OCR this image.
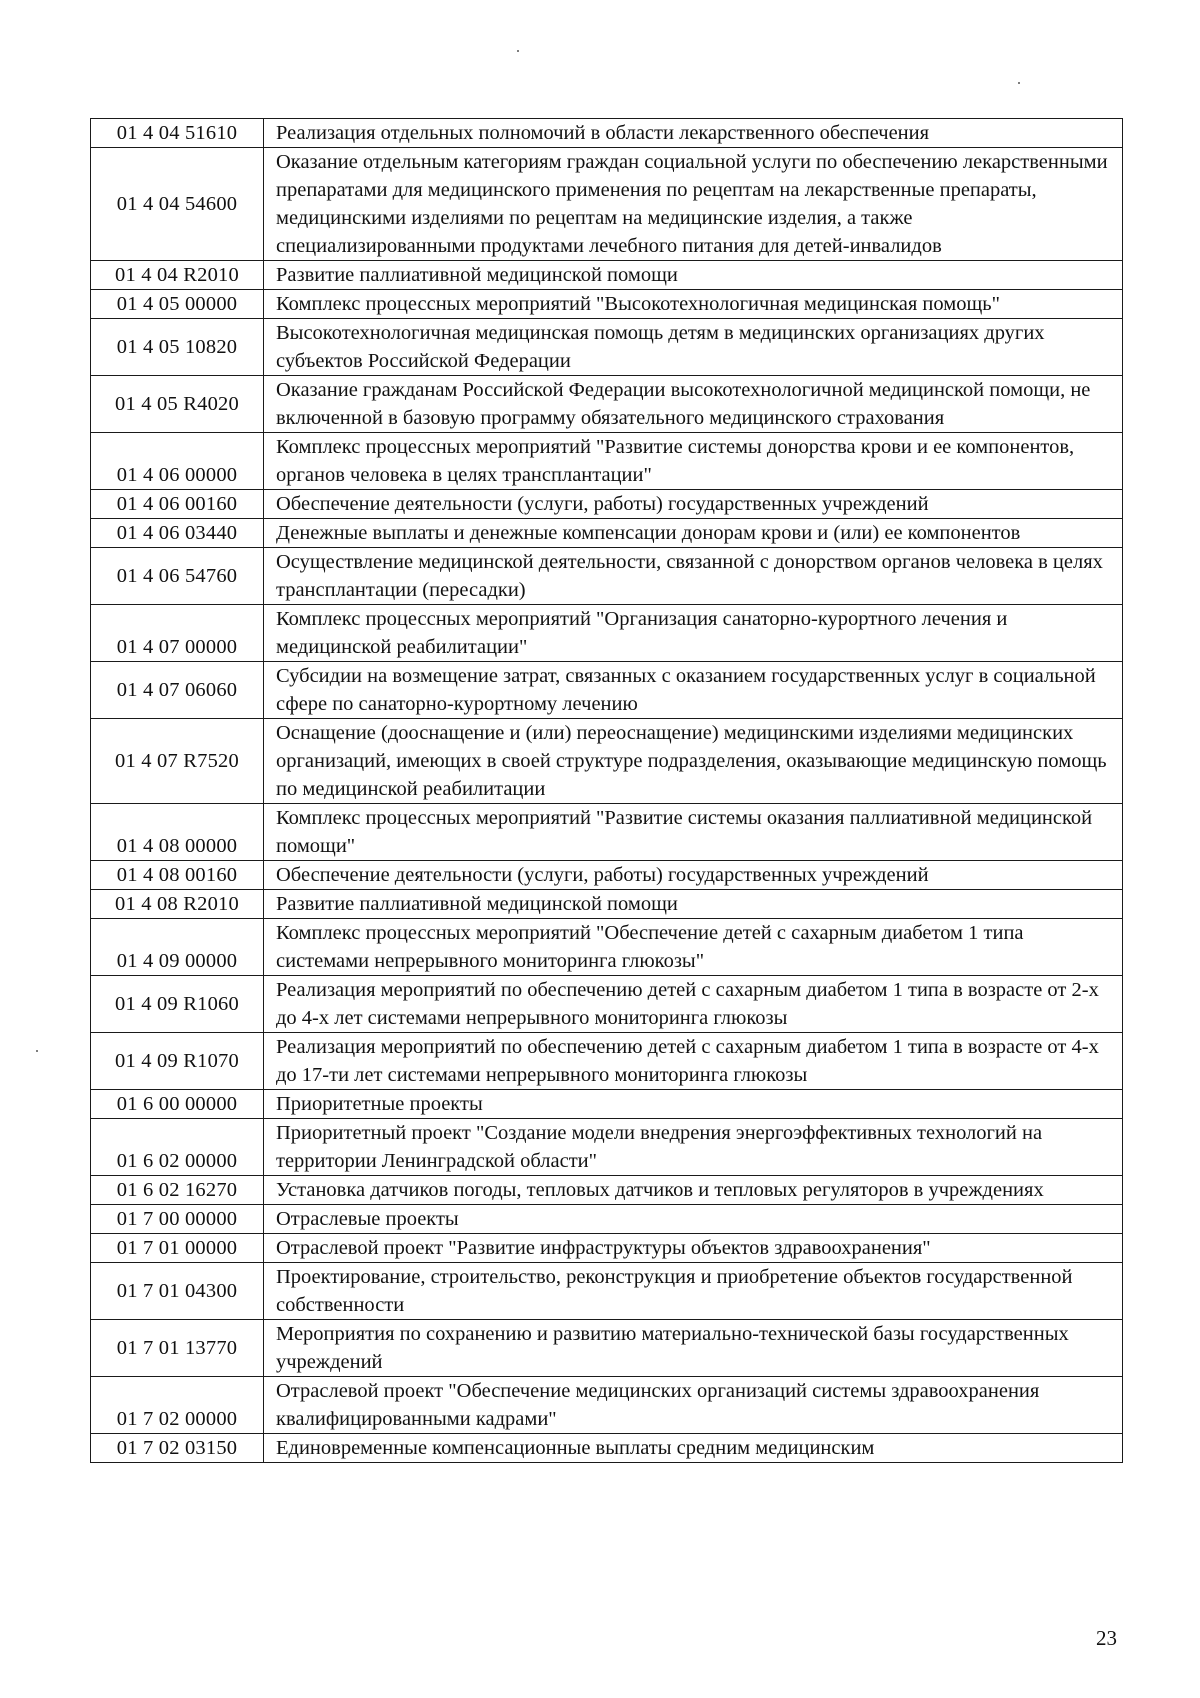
01 4 04 51610	Реализация отдельных полномочий в области лекарственного обеспечения
01 4 04 54600	Оказание отдельным категориям граждан социальной услуги по обеспечению лекарственными препаратами для медицинского применения по рецептам на лекарственные препараты, медицинскими изделиями по рецептам на медицинские изделия, а также специализированными продуктами лечебного питания для детей-инвалидов
01 4 04 R2010	Развитие паллиативной медицинской помощи
01 4 05 00000	Комплекс процессных мероприятий "Высокотехнологичная медицинская помощь"
01 4 05 10820	Высокотехнологичная медицинская помощь детям в медицинских организациях других субъектов Российской Федерации
01 4 05 R4020	Оказание гражданам Российской Федерации высокотехнологичной медицинской помощи, не включенной в базовую программу обязательного медицинского страхования
01 4 06 00000	Комплекс процессных мероприятий "Развитие системы донорства крови и ее компонентов, органов человека в целях трансплантации"
01 4 06 00160	Обеспечение деятельности (услуги, работы) государственных учреждений
01 4 06 03440	Денежные выплаты и денежные компенсации донорам крови и (или) ее компонентов
01 4 06 54760	Осуществление медицинской деятельности, связанной с донорством органов человека в целях трансплантации (пересадки)
01 4 07 00000	Комплекс процессных мероприятий "Организация санаторно-курортного лечения и медицинской реабилитации"
01 4 07 06060	Субсидии на возмещение затрат, связанных с оказанием государственных услуг в социальной сфере по санаторно-курортному лечению
01 4 07 R7520	Оснащение (дооснащение и (или) переоснащение) медицинскими изделиями медицинских организаций, имеющих в своей структуре подразделения, оказывающие медицинскую помощь по медицинской реабилитации
01 4 08 00000	Комплекс процессных мероприятий "Развитие системы оказания паллиативной медицинской помощи"
01 4 08 00160	Обеспечение деятельности (услуги, работы) государственных учреждений
01 4 08 R2010	Развитие паллиативной медицинской помощи
01 4 09 00000	Комплекс процессных мероприятий "Обеспечение детей с сахарным диабетом 1 типа системами непрерывного мониторинга глюкозы"
01 4 09 R1060	Реализация мероприятий по обеспечению детей с сахарным диабетом 1 типа в возрасте от 2-х до 4-х лет системами непрерывного мониторинга глюкозы
01 4 09 R1070	Реализация мероприятий по обеспечению детей с сахарным диабетом 1 типа в возрасте от 4-х до 17-ти лет системами непрерывного мониторинга глюкозы
01 6 00 00000	Приоритетные проекты
01 6 02 00000	Приоритетный проект "Создание модели внедрения энергоэффективных технологий на территории Ленинградской области"
01 6 02 16270	Установка датчиков погоды, тепловых датчиков и тепловых регуляторов в учреждениях
01 7 00 00000	Отраслевые проекты
01 7 01 00000	Отраслевой проект "Развитие инфраструктуры объектов здравоохранения"
01 7 01 04300	Проектирование, строительство, реконструкция и приобретение объектов государственной собственности
01 7 01 13770	Мероприятия по сохранению и развитию материально-технической базы государственных учреждений
01 7 02 00000	Отраслевой проект "Обеспечение медицинских организаций системы здравоохранения квалифицированными кадрами"
01 7 02 03150	Единовременные компенсационные выплаты средним медицинским
23
